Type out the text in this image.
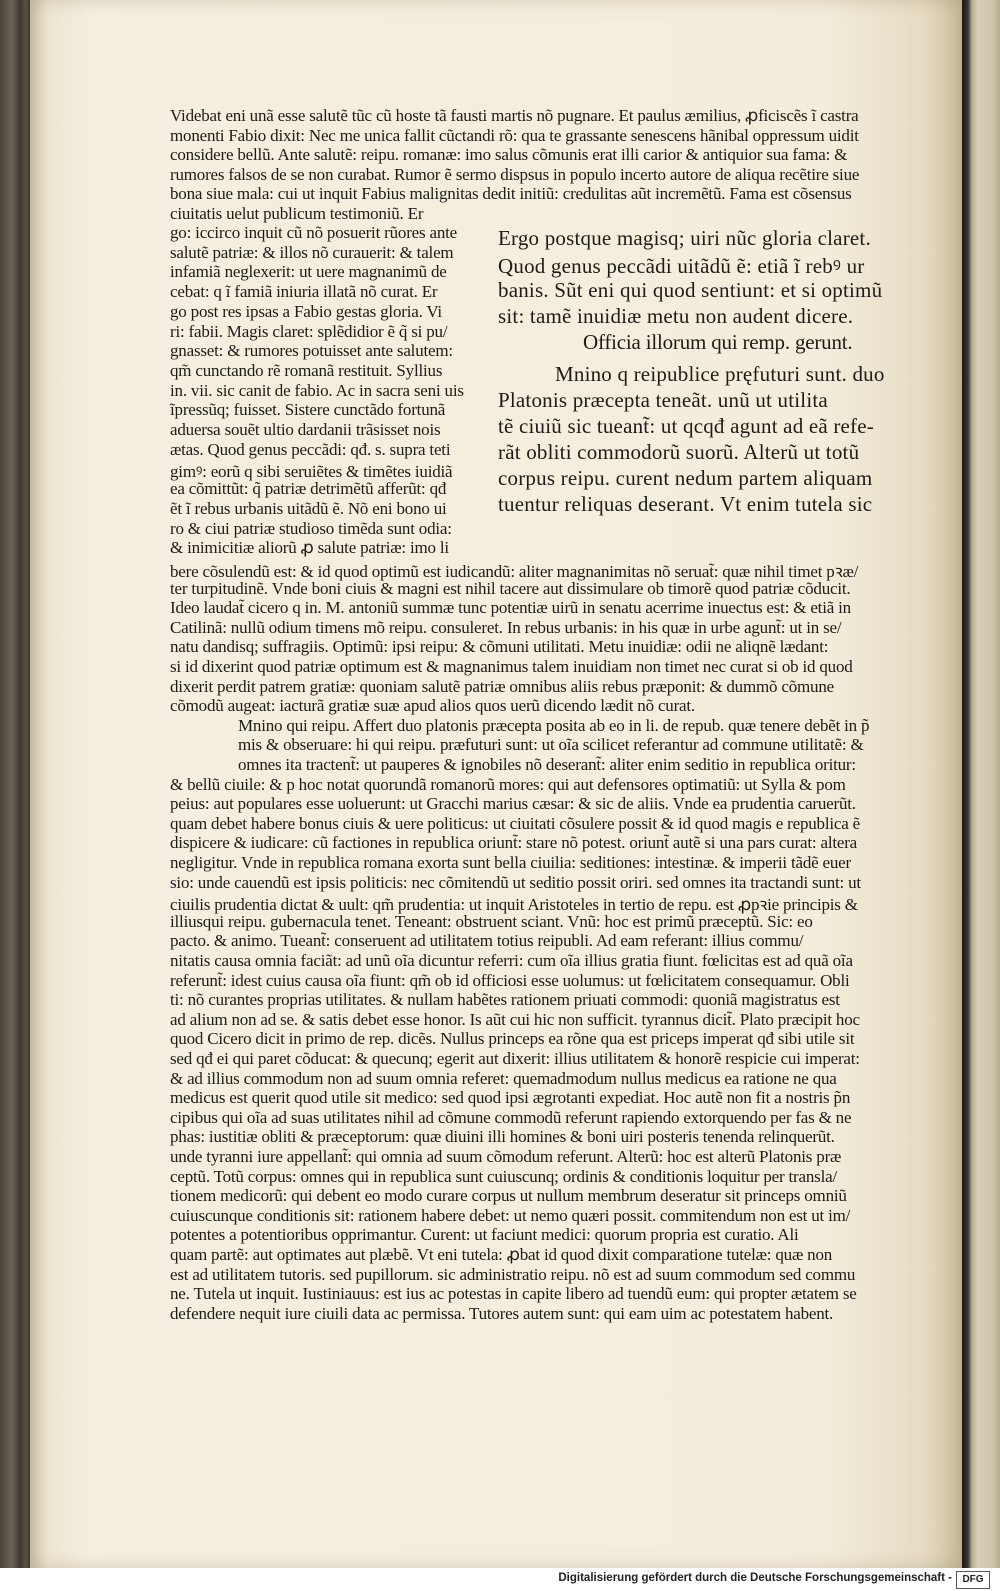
Videbat eni unã esse salutẽ tũc cũ hoste tã fausti martis nõ pugnare. Et paulus æmilius, ꝓficiscẽs ĩ castra
monenti Fabio dixit: Nec me unica fallit cũctandi rõ: qua te grassante senescens hãnibal oppressum uidit
considere bellũ. Ante salutẽ: reipu. romanæ: imo salus cõmunis erat illi carior & antiquior sua fama: &
rumores falsos de se non curabat. Rumor ẽ sermo dispsus in populo incerto autore de aliqua recẽtire siue
bona siue mala: cui ut inquit Fabius malignitas dedit initiũ: credulitas aũt incremẽtũ. Fama est cõsensus
ciuitatis uelut publicum testimoniũ. Er
go: iccirco inquit cũ nõ posuerit rũores ante
salutẽ patriæ: & illos nõ curauerit: & talem
infamiã neglexerit: ut uere magnanimũ de
cebat: q ĩ famiã iniuria illatã nõ curat. Er
go post res ipsas a Fabio gestas gloria. Vi
ri: fabii. Magis claret: splẽdidior ẽ q̃ si pu/
gnasset: & rumores potuisset ante salutem:
qm̃ cunctando rẽ romanã restituit. Syllius
in. vii. sic canit de fabio. Ac in sacra seni uis
ĩpressũq; fuisset. Sistere cunctãdo fortunã
aduersa souẽt ultio dardanii trãsisset nois
ætas. Quod genus peccãdi: qđ. s. supra teti
gimꝰ: eorũ q sibi seruiẽtes & timẽtes iuidiã
ea cõmittũt: q̃ patriæ detrimẽtũ afferũt: qđ
ẽt ĩ rebus urbanis uitãdũ ẽ. Nõ eni bono ui
ro & ciui patriæ studioso timẽda sunt odia:
& inimicitiæ aliorũ ꝓ salute patriæ: imo li
Ergo postque magisq; uiri nũc gloria claret.
Quod genus peccãdi uitãdũ ẽ: etiã ĩ rebꝰ ur
banis. Sũt eni qui quod sentiunt: et si optimũ
sit: tamẽ inuidiæ metu non audent dicere.
Officia illorum qui remp. gerunt.
Mnino q reipublice pręfuturi sunt. duo
Platonis præcepta teneãt. unũ ut utilita
tẽ ciuiũ sic tueant̃: ut qcqđ agunt ad eã refe-
rãt obliti commodorũ suorũ. Alterũ ut totũ
corpus reipu. curent nedum partem aliquam
tuentur reliquas deserant. Vt enim tutela sic
bere cõsulendũ est: & id quod optimũ est iudicandũ: aliter magnanimitas nõ seruat̃: quæ nihil timet pꝛæ/
ter turpitudinẽ. Vnde boni ciuis & magni est nihil tacere aut dissimulare ob timorẽ quod patriæ cõducit.
Ideo laudat̃ cicero q in. M. antoniũ summæ tunc potentiæ uirũ in senatu acerrime inuectus est: & etiã in
Catilinã: nullũ odium timens mõ reipu. consuleret. In rebus urbanis: in his quæ in urbe agunt̃: ut in se/
natu dandisq; suffragiis. Optimũ: ipsi reipu: & cõmuni utilitati. Metu inuidiæ: odii ne aliqnẽ lædant:
si id dixerint quod patriæ optimum est & magnanimus talem inuidiam non timet nec curat si ob id quod
dixerit perdit patrem gratiæ: quoniam salutẽ patriæ omnibus aliis rebus præponit: & dummõ cõmune
cõmodũ augeat: iacturã gratiæ suæ apud alios quos uerũ dicendo lædit nõ curat.
Mnino qui reipu. Affert duo platonis præcepta posita ab eo in li. de repub. quæ tenere debẽt in p̃
mis & obseruare: hi qui reipu. præfuturi sunt: ut oĩa scilicet referantur ad commune utilitatẽ: &
omnes ita tractent̃: ut pauperes & ignobiles nõ deserant̃: aliter enim seditio in republica oritur:
& bellũ ciuile: & p hoc notat quorundã romanorũ mores: qui aut defensores optimatiũ: ut Sylla & pom
peius: aut populares esse uoluerunt: ut Gracchi marius cæsar: & sic de aliis. Vnde ea prudentia caruerũt.
quam debet habere bonus ciuis & uere politicus: ut ciuitati cõsulere possit & id quod magis e republica ẽ
dispicere & iudicare: cũ factiones in republica oriunt̃: stare nõ potest. oriunt̃ autẽ si una pars curat: altera
negligitur. Vnde in republica romana exorta sunt bella ciuilia: seditiones: intestinæ. & imperii tãdẽ euer
sio: unde cauendũ est ipsis politicis: nec cõmitendũ ut seditio possit oriri. sed omnes ita tractandi sunt: ut
ciuilis prudentia dictat & uult: qm̃ prudentia: ut inquit Aristoteles in tertio de repu. est ꝓpꝛie principis &
illiusqui reipu. gubernacula tenet. Teneant: obstruent sciant. Vnũ: hoc est primũ præceptũ. Sic: eo
pacto. & animo. Tueant̃: conseruent ad utilitatem totius reipubli. Ad eam referant: illius commu/
nitatis causa omnia faciãt: ad unũ oĩa dicuntur referri: cum oĩa illius gratia fiunt. fœlicitas est ad quã oĩa
referunt̃: idest cuius causa oĩa fiunt: qm̃ ob id officiosi esse uolumus: ut fœlicitatem consequamur. Obli
ti: nõ curantes proprias utilitates. & nullam habẽtes rationem priuati commodi: quoniã magistratus est
ad alium non ad se. & satis debet esse honor. Is aũt cui hic non sufficit. tyrannus dicit̃. Plato præcipit hoc
quod Cicero dicit in primo de rep. dicẽs. Nullus princeps ea rõne qua est priceps imperat qđ sibi utile sit
sed qđ ei qui paret cõducat: & quecunq; egerit aut dixerit: illius utilitatem & honorẽ respicie cui imperat:
& ad illius commodum non ad suum omnia referet: quemadmodum nullus medicus ea ratione ne qua
medicus est querit quod utile sit medico: sed quod ipsi ægrotanti expediat. Hoc autẽ non fit a nostris p̃n
cipibus qui oĩa ad suas utilitates nihil ad cõmune commodũ referunt rapiendo extorquendo per fas & ne
phas: iustitiæ obliti & præceptorum: quæ diuini illi homines & boni uiri posteris tenenda relinquerũt.
unde tyranni iure appellant̃: qui omnia ad suum cõmodum referunt. Alterũ: hoc est alterũ Platonis præ
ceptũ. Totũ corpus: omnes qui in republica sunt cuiuscunq; ordinis & conditionis loquitur per transla/
tionem medicorũ: qui debent eo modo curare corpus ut nullum membrum deseratur sit princeps omniũ
cuiuscunque conditionis sit: rationem habere debet: ut nemo quæri possit. commitendum non est ut im/
potentes a potentioribus opprimantur. Curent: ut faciunt medici: quorum propria est curatio. Ali
quam partẽ: aut optimates aut plæbẽ. Vt eni tutela: ꝓbat id quod dixit comparatione tutelæ: quæ non
est ad utilitatem tutoris. sed pupillorum. sic administratio reipu. nõ est ad suum commodum sed commu
ne. Tutela ut inquit. Iustiniauus: est ius ac potestas in capite libero ad tuendũ eum: qui propter ætatem se
defendere nequit iure ciuili data ac permissa. Tutores autem sunt: qui eam uim ac potestatem habent.
Digitalisierung gefördert durch die Deutsche Forschungsgemeinschaft -	DFG
